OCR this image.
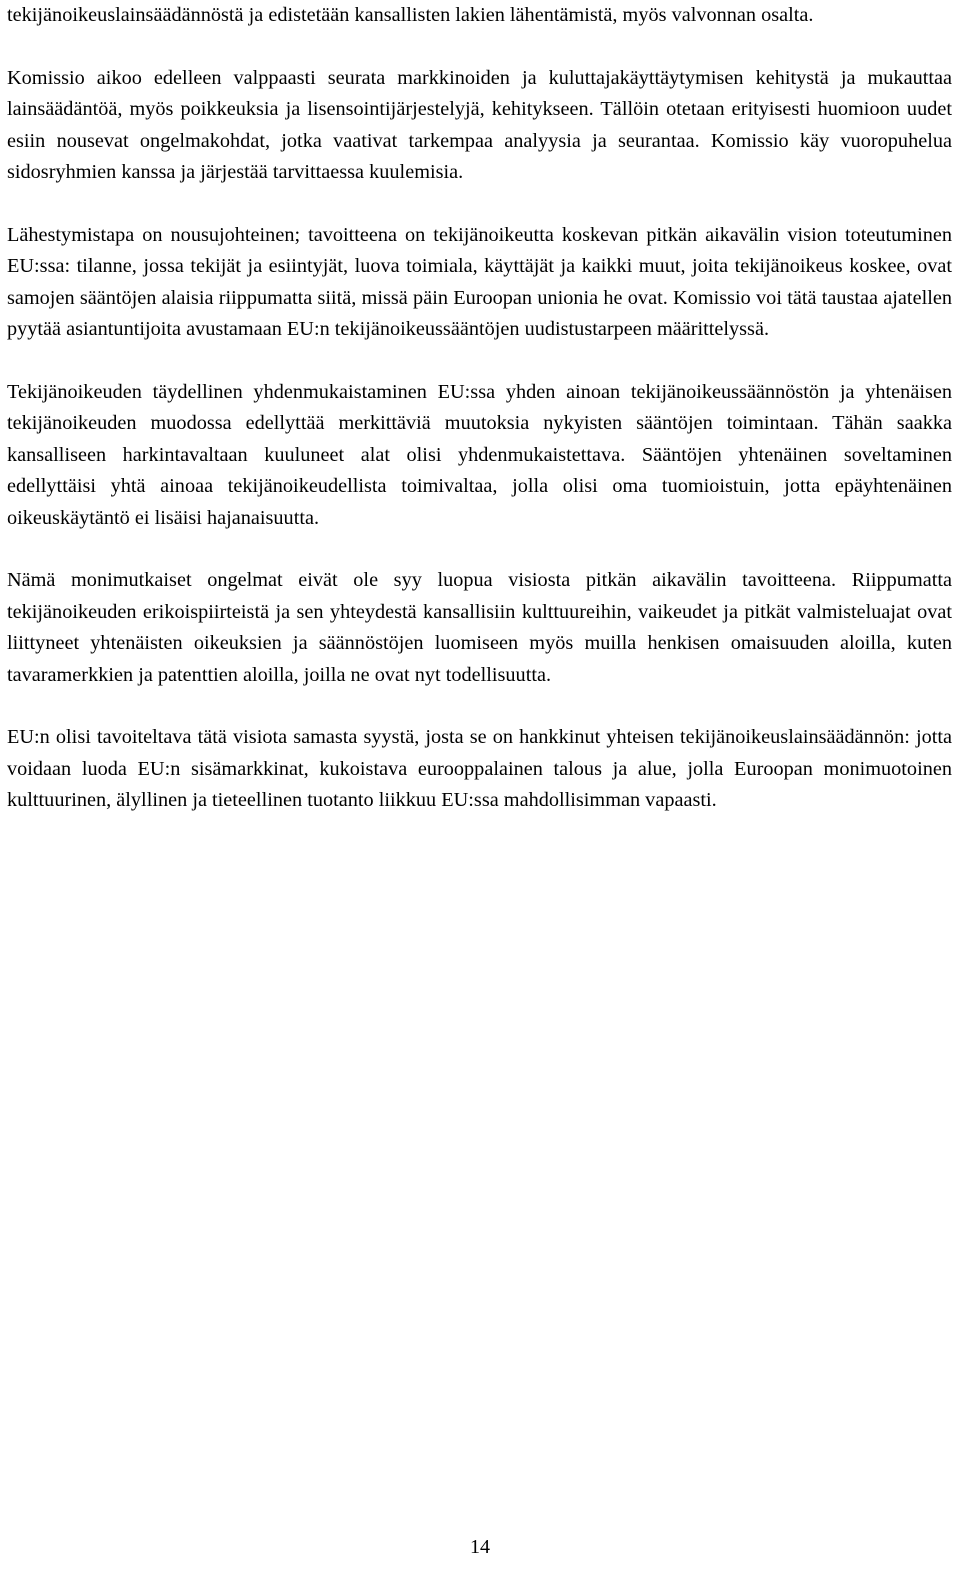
tekijänoikeuslainsäädännöstä ja edistetään kansallisten lakien lähentämistä, myös valvonnan osalta.

Komissio aikoo edelleen valppaasti seurata markkinoiden ja kuluttajakäyttäytymisen kehitystä ja mukauttaa lainsäädäntöä, myös poikkeuksia ja lisensointijärjestelyjä, kehitykseen. Tällöin otetaan erityisesti huomioon uudet esiin nousevat ongelmakohdat, jotka vaativat tarkempaa analyysia ja seurantaa. Komissio käy vuoropuhelua sidosryhmien kanssa ja järjestää tarvittaessa kuulemisia.

Lähestymistapa on nousujohteinen; tavoitteena on tekijänoikeutta koskevan pitkän aikavälin vision toteutuminen EU:ssa: tilanne, jossa tekijät ja esiintyjät, luova toimiala, käyttäjät ja kaikki muut, joita tekijänoikeus koskee, ovat samojen sääntöjen alaisia riippumatta siitä, missä päin Euroopan unionia he ovat. Komissio voi tätä taustaa ajatellen pyytää asiantuntijoita avustamaan EU:n tekijänoikeussääntöjen uudistustarpeen määrittelyssä.

Tekijänoikeuden täydellinen yhdenmukaistaminen EU:ssa yhden ainoan tekijänoikeussäännöstön ja yhtenäisen tekijänoikeuden muodossa edellyttää merkittäviä muutoksia nykyisten sääntöjen toimintaan. Tähän saakka kansalliseen harkintavaltaan kuuluneet alat olisi yhdenmukaistettava. Sääntöjen yhtenäinen soveltaminen edellyttäisi yhtä ainoaa tekijänoikeudellista toimivaltaa, jolla olisi oma tuomioistuin, jotta epäyhtenäinen oikeuskäytäntö ei lisäisi hajanaisuutta.

Nämä monimutkaiset ongelmat eivät ole syy luopua visiosta pitkän aikavälin tavoitteena. Riippumatta tekijänoikeuden erikoispiirteistä ja sen yhteydestä kansallisiin kulttuureihin, vaikeudet ja pitkät valmisteluajat ovat liittyneet yhtenäisten oikeuksien ja säännöstöjen luomiseen myös muilla henkisen omaisuuden aloilla, kuten tavaramerkkien ja patenttien aloilla, joilla ne ovat nyt todellisuutta.

EU:n olisi tavoiteltava tätä visiota samasta syystä, josta se on hankkinut yhteisen tekijänoikeuslainsäädännön: jotta voidaan luoda EU:n sisämarkkinat, kukoistava eurooppalainen talous ja alue, jolla Euroopan monimuotoinen kulttuurinen, älyllinen ja tieteellinen tuotanto liikkuu EU:ssa mahdollisimman vapaasti.

14
